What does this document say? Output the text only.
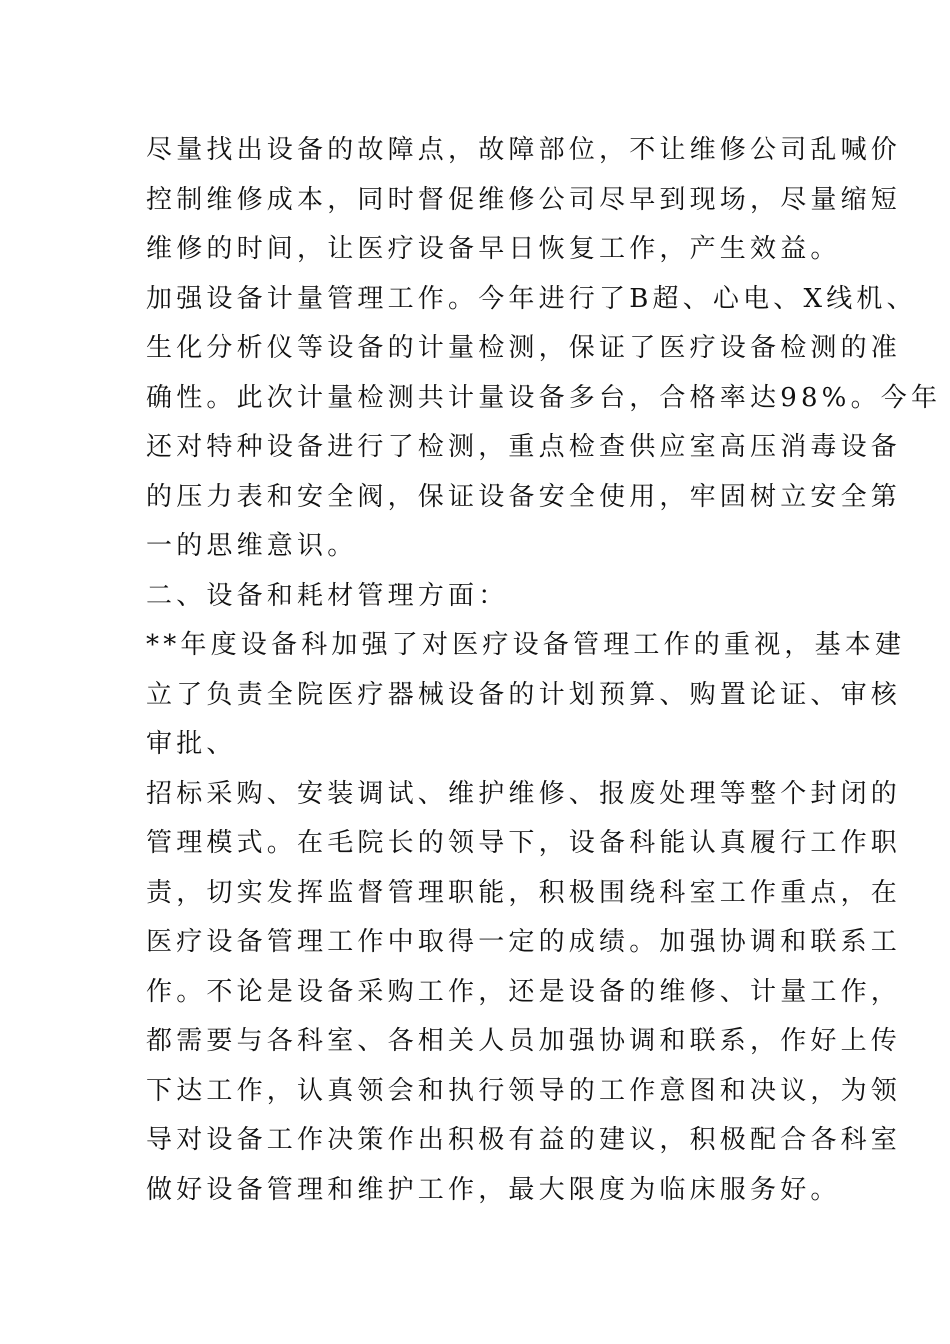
尽量找出设备的故障点，故障部位，不让维修公司乱喊价
控制维修成本，同时督促维修公司尽早到现场，尽量缩短
维修的时间，让医疗设备早日恢复工作，产生效益。
加强设备计量管理工作。今年进行了B超、心电、X线机、
生化分析仪等设备的计量检测，保证了医疗设备检测的准
确性。此次计量检测共计量设备多台，合格率达98%。今年
还对特种设备进行了检测，重点检查供应室高压消毒设备
的压力表和安全阀，保证设备安全使用，牢固树立安全第
一的思维意识。
二、设备和耗材管理方面：
**年度设备科加强了对医疗设备管理工作的重视，基本建
立了负责全院医疗器械设备的计划预算、购置论证、审核
审批、
招标采购、安装调试、维护维修、报废处理等整个封闭的
管理模式。在毛院长的领导下，设备科能认真履行工作职
责，切实发挥监督管理职能，积极围绕科室工作重点，在
医疗设备管理工作中取得一定的成绩。加强协调和联系工
作。不论是设备采购工作，还是设备的维修、计量工作，
都需要与各科室、各相关人员加强协调和联系，作好上传
下达工作，认真领会和执行领导的工作意图和决议，为领
导对设备工作决策作出积极有益的建议，积极配合各科室
做好设备管理和维护工作，最大限度为临床服务好。
